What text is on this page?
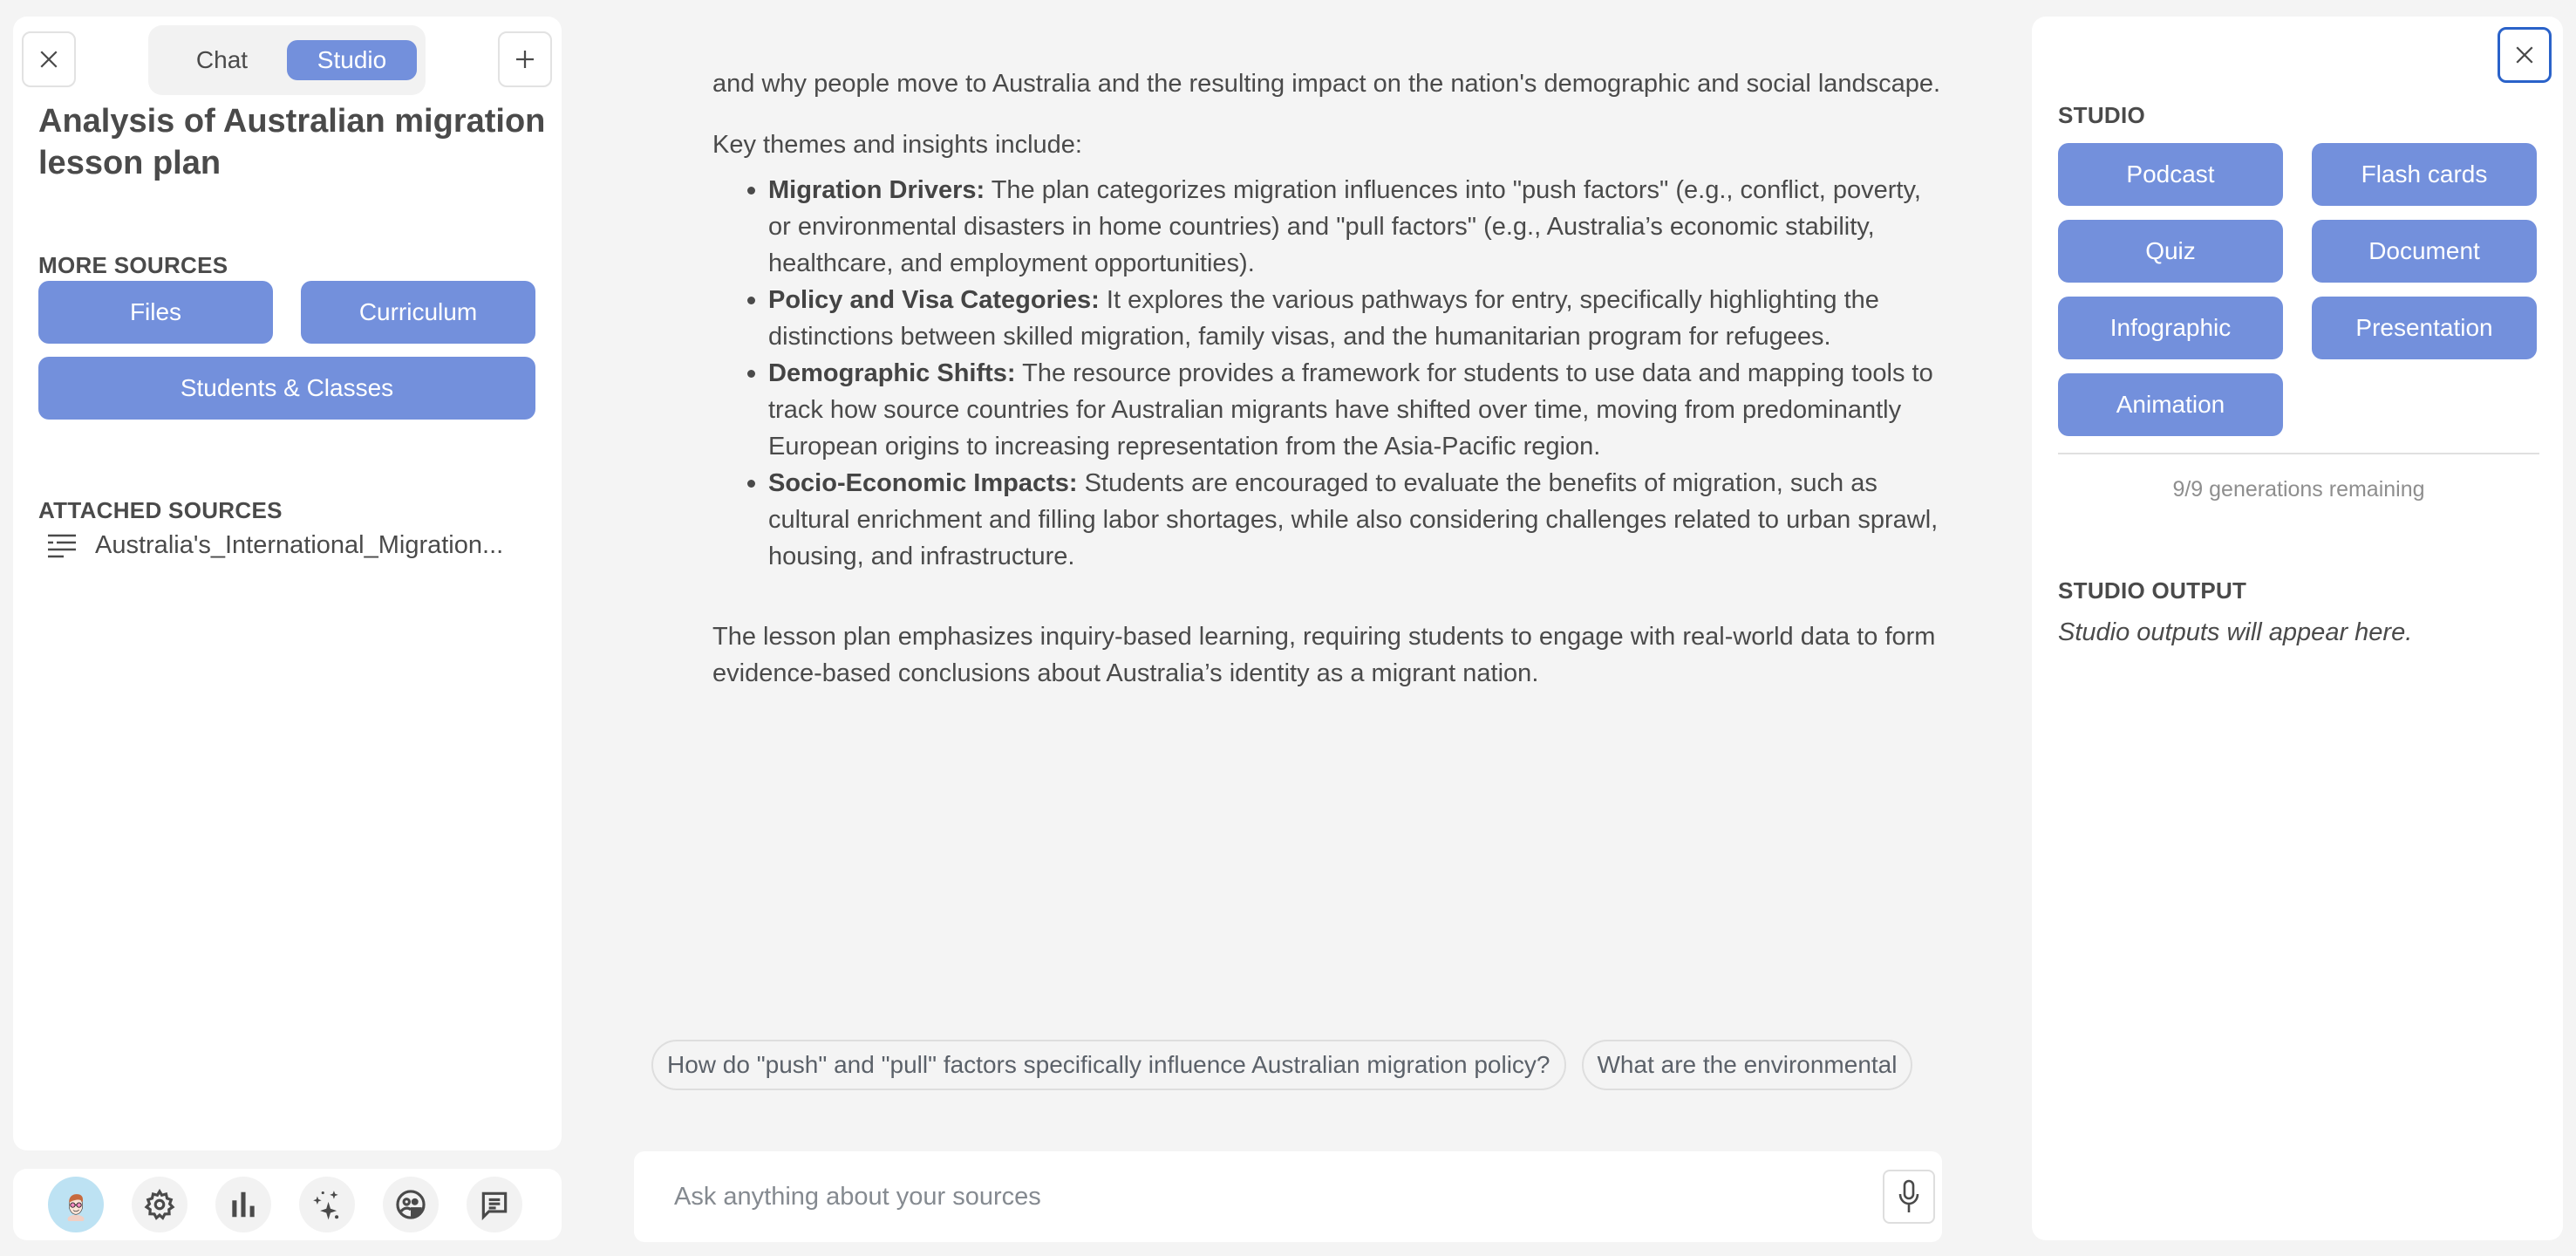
Chat	Studio
Analysis of Australian migration lesson plan
MORE SOURCES
Files	Curriculum
Students & Classes
ATTACHED SOURCES
Australia's_International_Migration...

and why people move to Australia and the resulting impact on the nation's demographic and social landscape.

Key themes and insights include:

Migration Drivers: The plan categorizes migration influences into "push factors" (e.g., conflict, poverty, or environmental disasters in home countries) and "pull factors" (e.g., Australia’s economic stability, healthcare, and employment opportunities).
Policy and Visa Categories: It explores the various pathways for entry, specifically highlighting the distinctions between skilled migration, family visas, and the humanitarian program for refugees.
Demographic Shifts: The resource provides a framework for students to use data and mapping tools to track how source countries for Australian migrants have shifted over time, moving from predominantly European origins to increasing representation from the Asia-Pacific region.
Socio-Economic Impacts: Students are encouraged to evaluate the benefits of migration, such as cultural enrichment and filling labor shortages, while also considering challenges related to urban sprawl, housing, and infrastructure.

The lesson plan emphasizes inquiry-based learning, requiring students to engage with real-world data to form evidence-based conclusions about Australia’s identity as a migrant nation.

How do "push" and "pull" factors specifically influence Australian migration policy?	What are the environmental
Ask anything about your sources
STUDIO
Podcast	Flash cards
Quiz	Document
Infographic	Presentation
Animation
9/9 generations remaining
STUDIO OUTPUT
Studio outputs will appear here.
